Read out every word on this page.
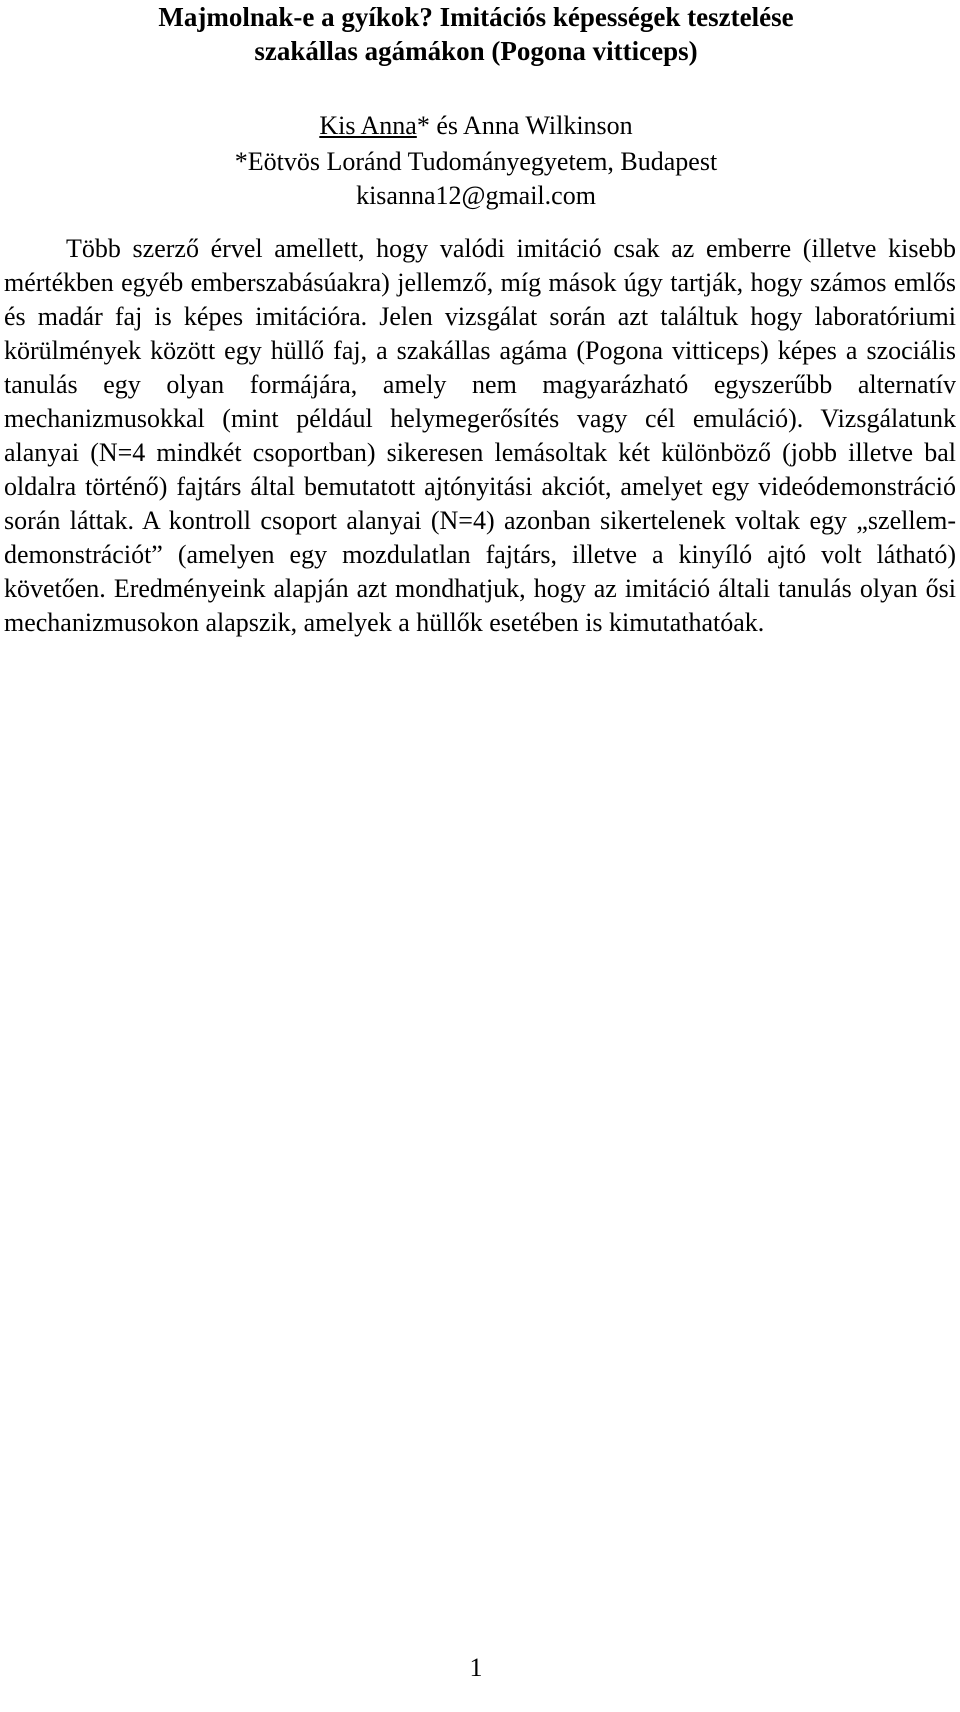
Majmolnak-e a gyíkok? Imitációs képességek tesztelése
szakállas agámákon (Pogona vitticeps)

Kis Anna* és Anna Wilkinson

*Eötvös Loránd Tudományegyetem, Budapest

kisanna12@gmail.com

Több szerző érvel amellett, hogy valódi imitáció csak az emberre (illetve kisebb mértékben egyéb emberszabásúakra) jellemző, míg mások úgy tartják, hogy számos emlős és madár faj is képes imitációra. Jelen vizsgálat során azt találtuk hogy laboratóriumi körülmények között egy hüllő faj, a szakállas agáma (Pogona vitticeps) képes a szociális tanulás egy olyan formájára, amely nem magyarázható egyszerűbb alternatív mechanizmusokkal (mint például helymegerősítés vagy cél emuláció). Vizsgálatunk alanyai (N=4 mindkét csoportban) sikeresen lemásoltak két különböző (jobb illetve bal oldalra történő) fajtárs által bemutatott ajtónyitási akciót, amelyet egy videódemonstráció során láttak. A kontroll csoport alanyai (N=4) azonban sikertelenek voltak egy „szellem-demonstrációt” (amelyen egy mozdulatlan fajtárs, illetve a kinyíló ajtó volt látható) követően. Eredményeink alapján azt mondhatjuk, hogy az imitáció általi tanulás olyan ősi mechanizmusokon alapszik, amelyek a hüllők esetében is kimutathatóak.

1
